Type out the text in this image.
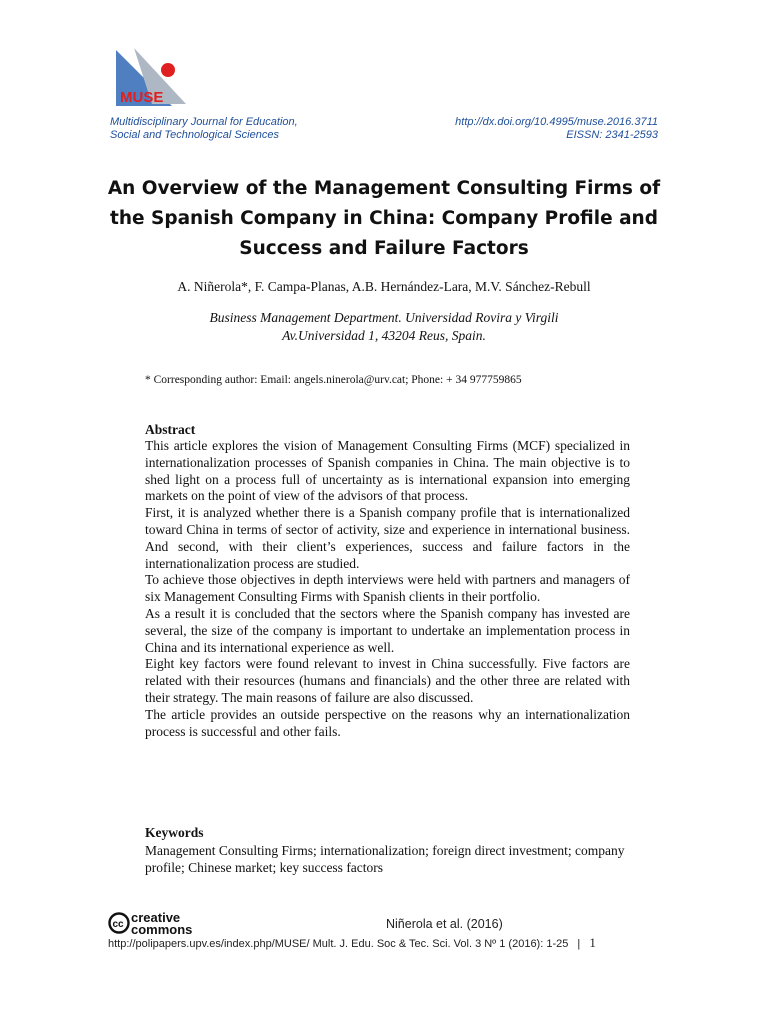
MUSE
Multidisciplinary Journal for Education,
Social and Technological Sciences
http://dx.doi.org/10.4995/muse.2016.3711
EISSN: 2341-2593
An Overview of the Management Consulting Firms of the Spanish Company in China: Company Profile and Success and Failure Factors
A. Niñerola*, F. Campa-Planas, A.B. Hernández-Lara, M.V. Sánchez-Rebull
Business Management Department. Universidad Rovira y Virgili
Av.Universidad 1, 43204 Reus, Spain.
* Corresponding author: Email: angels.ninerola@urv.cat; Phone: + 34 977759865
Abstract

This article explores the vision of Management Consulting Firms (MCF) specialized in internationalization processes of Spanish companies in China. The main objective is to shed light on a process full of uncertainty as is international expansion into emerging markets on the point of view of the advisors of that process.

First, it is analyzed whether there is a Spanish company profile that is internationalized toward China in terms of sector of activity, size and experience in international business. And second, with their client’s experiences, success and failure factors in the internationalization process are studied.

To achieve those objectives in depth interviews were held with partners and managers of six Management Consulting Firms with Spanish clients in their portfolio.

As a result it is concluded that the sectors where the Spanish company has invested are several, the size of the company is important to undertake an implementation process in China and its international experience as well.

Eight key factors were found relevant to invest in China successfully. Five factors are related with their resources (humans and financials) and the other three are related with their strategy. The main reasons of failure are also discussed.

The article provides an outside perspective on the reasons why an internationalization process is successful and other fails.

Keywords
Management Consulting Firms; internationalization; foreign direct investment; company profile; Chinese market; key success factors
cc creative
commons	Niñerola et al. (2016)
http://polipapers.upv.es/index.php/MUSE/ Mult. J. Edu. Soc & Tec. Sci. Vol. 3 Nº 1 (2016): 1-25 | 1
